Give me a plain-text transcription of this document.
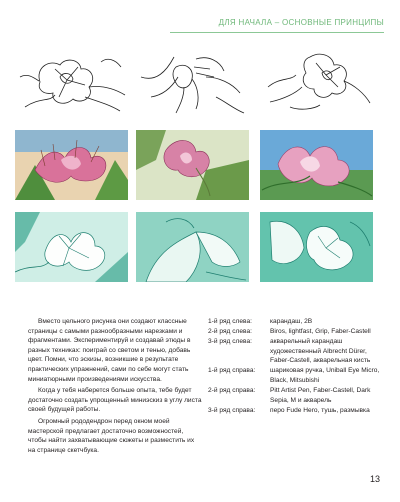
ДЛЯ НАЧАЛА – ОСНОВНЫЕ ПРИНЦИПЫ

Вместо цельного рисунка они создают классные страницы с самыми разнообразными нарезками и фрагментами. Экспериментируй и создавай этюды в разных техниках: поиграй со светом и тенью, добавь цвет. Помни, что эскизы, возникшие в результате практических упражнений, сами по себе могут стать миниатюрными произведениями искусства.

Когда у тебя наберется больше опыта, тебе будет достаточно создать упрощенный миниэскиз в углу листа своей будущей работы.

Огромный рододендрон перед окном моей мастерской предлагает достаточно возможностей, чтобы найти захватывающие сюжеты и разместить их на странице скетчбука.

1-й ряд слева:	карандаш, 2B
2-й ряд слева:	Biros, lightfast, Grip, Faber-Castell
3-й ряд слева:	акварельный карандаш художественный Albrecht Dürer, Faber-Castell, акварельная кисть
1-й ряд справа:	шариковая ручка, Uniball Eye Micro, Black, Mitsubishi
2-й ряд справа:	Pitt Artist Pen, Faber-Castell, Dark Sepia, M и акварель
3-й ряд справа:	перо Fude Hero, тушь, размывка
13
